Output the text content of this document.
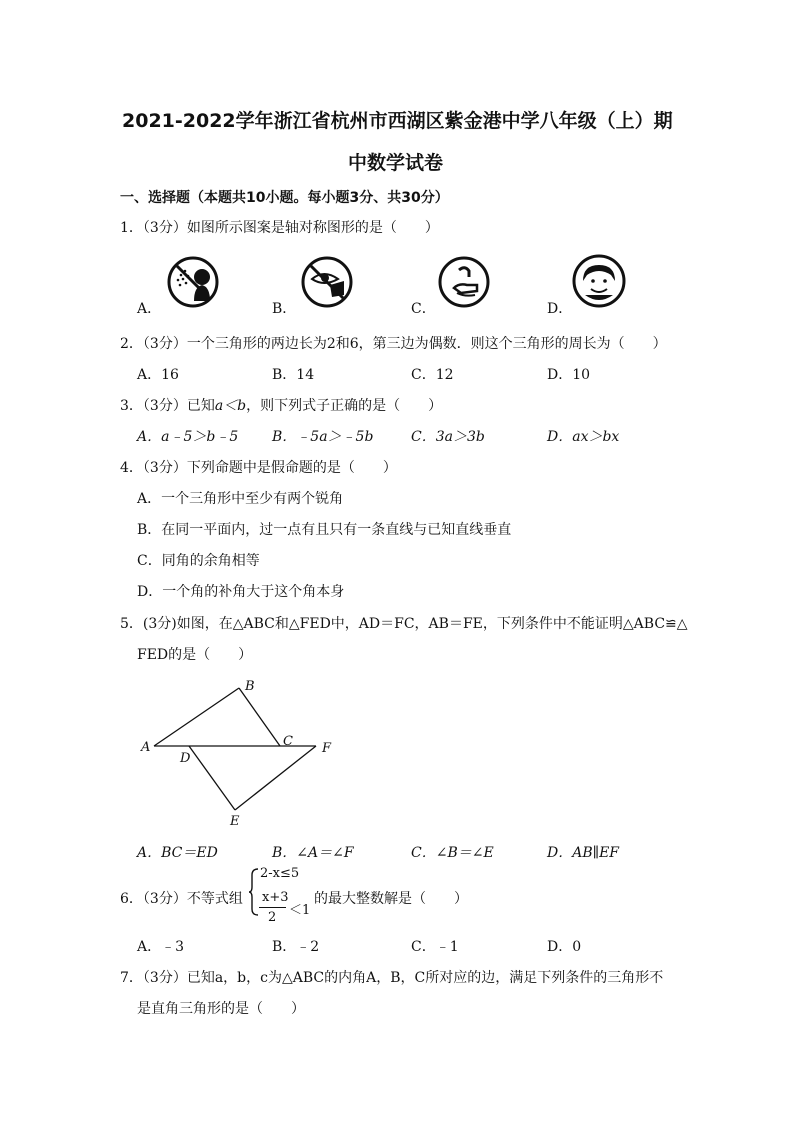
2021-2022学年浙江省杭州市西湖区紫金港中学八年级（上）期
中数学试卷
一、选择题（本题共10小题。每小题3分、共30分）
1．（3分）如图所示图案是轴对称图形的是（　　）
A．	B．	C．	D．
2．（3分）一个三角形的两边长为2和6，第三边为偶数．则这个三角形的周长为（　　）
A．16	B．14	C．12	D．10
3．（3分）已知a＜b，则下列式子正确的是（　　）
A．a﹣5＞b﹣5 B．﹣5a＞﹣5b	C．3a＞3b	D．ax＞bx
4．（3分）下列命题中是假命题的是（　　）
A．一个三角形中至少有两个锐角
B．在同一平面内，过一点有且只有一条直线与已知直线垂直
C．同角的余角相等
D．一个角的补角大于这个角本身
5．(3分)如图，在△ABC和△FED中，AD＝FC，AB＝FE，下列条件中不能证明△ABC≌△
FED的是（　　）
A
B
C
D
E
F
A．BC＝ED	B．∠A＝∠F	C．∠B＝∠E	D．AB∥EF
6．（3分）不等式组
2-x≤5
x+3
2 ＜1
的最大整数解是（　　）
A．﹣3	B．﹣2	C．﹣1	D．0
7．（3分）已知a，b，c为△ABC的内角A，B，C所对应的边，满足下列条件的三角形不
是直角三角形的是（　　）
